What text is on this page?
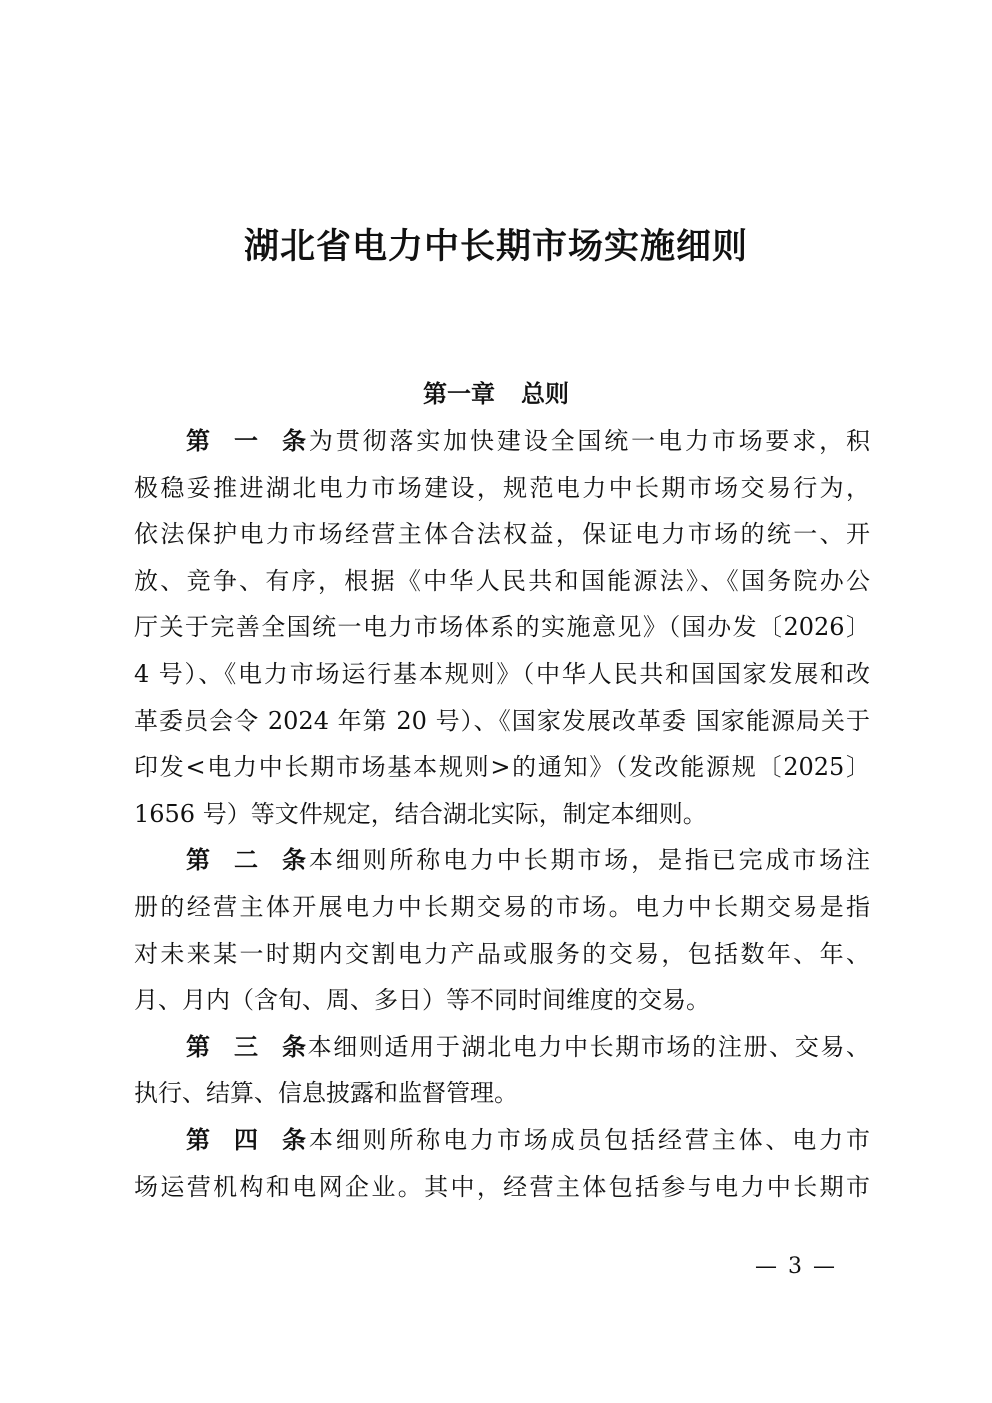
湖北省电力中长期市场实施细则
第一章 总则
第一条为贯彻落实加快建设全国统一电力市场要求，积
极稳妥推进湖北电力市场建设，规范电力中长期市场交易行为，
依法保护电力市场经营主体合法权益，保证电力市场的统一、开
放、竞争、有序，根据《中华人民共和国能源法》、《国务院办公
厅关于完善全国统一电力市场体系的实施意见》（国办发〔2026〕
4 号）、《电力市场运行基本规则》（中华人民共和国国家发展和改
革委员会令 2024 年第 20 号）、《国家发展改革委 国家能源局关于
印发<电力中长期市场基本规则>的通知》（发改能源规〔2025〕
1656 号）等文件规定，结合湖北实际，制定本细则。
第二条本细则所称电力中长期市场，是指已完成市场注
册的经营主体开展电力中长期交易的市场。电力中长期交易是指
对未来某一时期内交割电力产品或服务的交易，包括数年、年、
月、月内（含旬、周、多日）等不同时间维度的交易。
第三条本细则适用于湖北电力中长期市场的注册、交易、
执行、结算、信息披露和监督管理。
第四条本细则所称电力市场成员包括经营主体、电力市
场运营机构和电网企业。其中，经营主体包括参与电力中长期市
— 3 —
